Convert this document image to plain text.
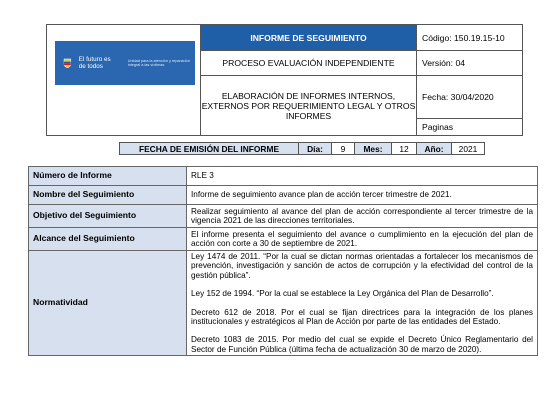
	INFORME DE SEGUIMIENTO	Código: 150.19.15-10
	PROCESO EVALUACIÓN INDEPENDIENTE	Versión: 04
	ELABORACIÓN DE INFORMES INTERNOS, EXTERNOS POR REQUERIMIENTO LEGAL Y OTROS INFORMES	Fecha: 30/04/2020
		Paginas
El futuro es de todos
Unidad para la atención y reparación integral a las víctimas
FECHA DE EMISIÓN DEL INFORME	Día:	9	Mes:	12	Año:	2021
Número de Informe	RLE 3
Nombre del Seguimiento	Informe de seguimiento avance plan de acción tercer trimestre de 2021.
Objetivo del Seguimiento	Realizar seguimiento al avance del plan de acción correspondiente al tercer trimestre de la vigencia 2021 de las direcciones territoriales.
Alcance del Seguimiento	El informe presenta el seguimiento del avance o cumplimiento en la ejecución del plan de acción con corte a 30 de septiembre de 2021.
Normatividad	Ley 1474 de 2011. “Por la cual se dictan normas orientadas a fortalecer los mecanismos de prevención, investigación y sanción de actos de corrupción y la efectividad del control de la gestión pública”.

Ley 152 de 1994. “Por la cual se establece la Ley Orgánica del Plan de Desarrollo”.

Decreto 612 de 2018. Por el cual se fijan directrices para la integración de los planes institucionales y estratégicos al Plan de Acción por parte de las entidades del Estado.

Decreto 1083 de 2015. Por medio del cual se expide el Decreto Único Reglamentario del Sector de Función Pública (última fecha de actualización 30 de marzo de 2020).
